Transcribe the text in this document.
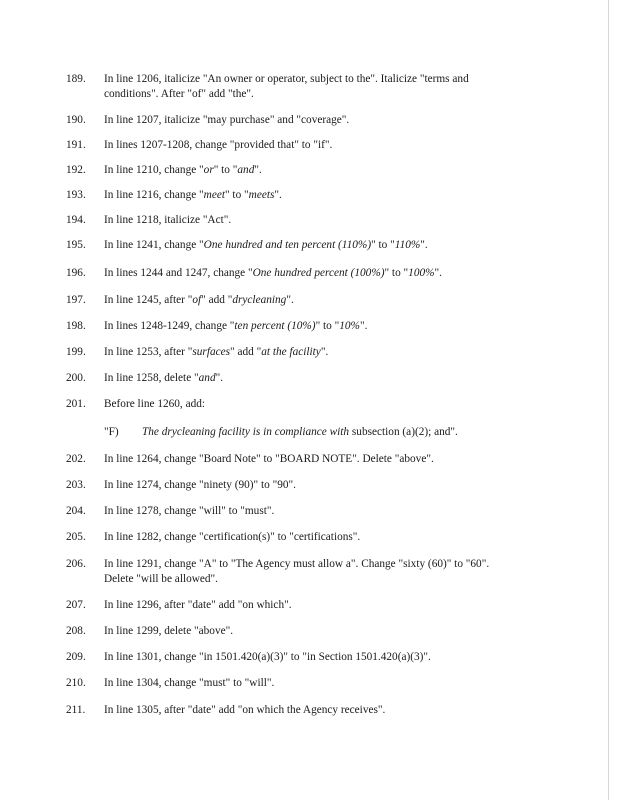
189.	In line 1206, italicize "An owner or operator, subject to the". Italicize "terms and conditions". After "of" add "the".
190.	In line 1207, italicize "may purchase" and "coverage".
191.	In lines 1207-1208, change "provided that" to "if".
192.	In line 1210, change "or" to "and".
193.	In line 1216, change "meet" to "meets".
194.	In line 1218, italicize "Act".
195.	In line 1241, change "One hundred and ten percent (110%)" to "110%".
196.	In lines 1244 and 1247, change "One hundred percent (100%)" to "100%".
197.	In line 1245, after "of" add "drycleaning".
198.	In lines 1248-1249, change "ten percent (10%)" to "10%".
199.	In line 1253, after "surfaces" add "at the facility".
200.	In line 1258, delete "and".
201.	Before line 1260, add:
202.	In line 1264, change "Board Note" to "BOARD NOTE". Delete "above".
203.	In line 1274, change "ninety (90)" to "90".
204.	In line 1278, change "will" to "must".
205.	In line 1282, change "certification(s)" to "certifications".
206.	In line 1291, change "A" to "The Agency must allow a". Change "sixty (60)" to "60". Delete "will be allowed".
207.	In line 1296, after "date" add "on which".
208.	In line 1299, delete "above".
209.	In line 1301, change "in 1501.420(a)(3)" to "in Section 1501.420(a)(3)".
210.	In line 1304, change "must" to "will".
211.	In line 1305, after "date" add "on which the Agency receives".
"F) The drycleaning facility is in compliance with subsection (a)(2); and".
